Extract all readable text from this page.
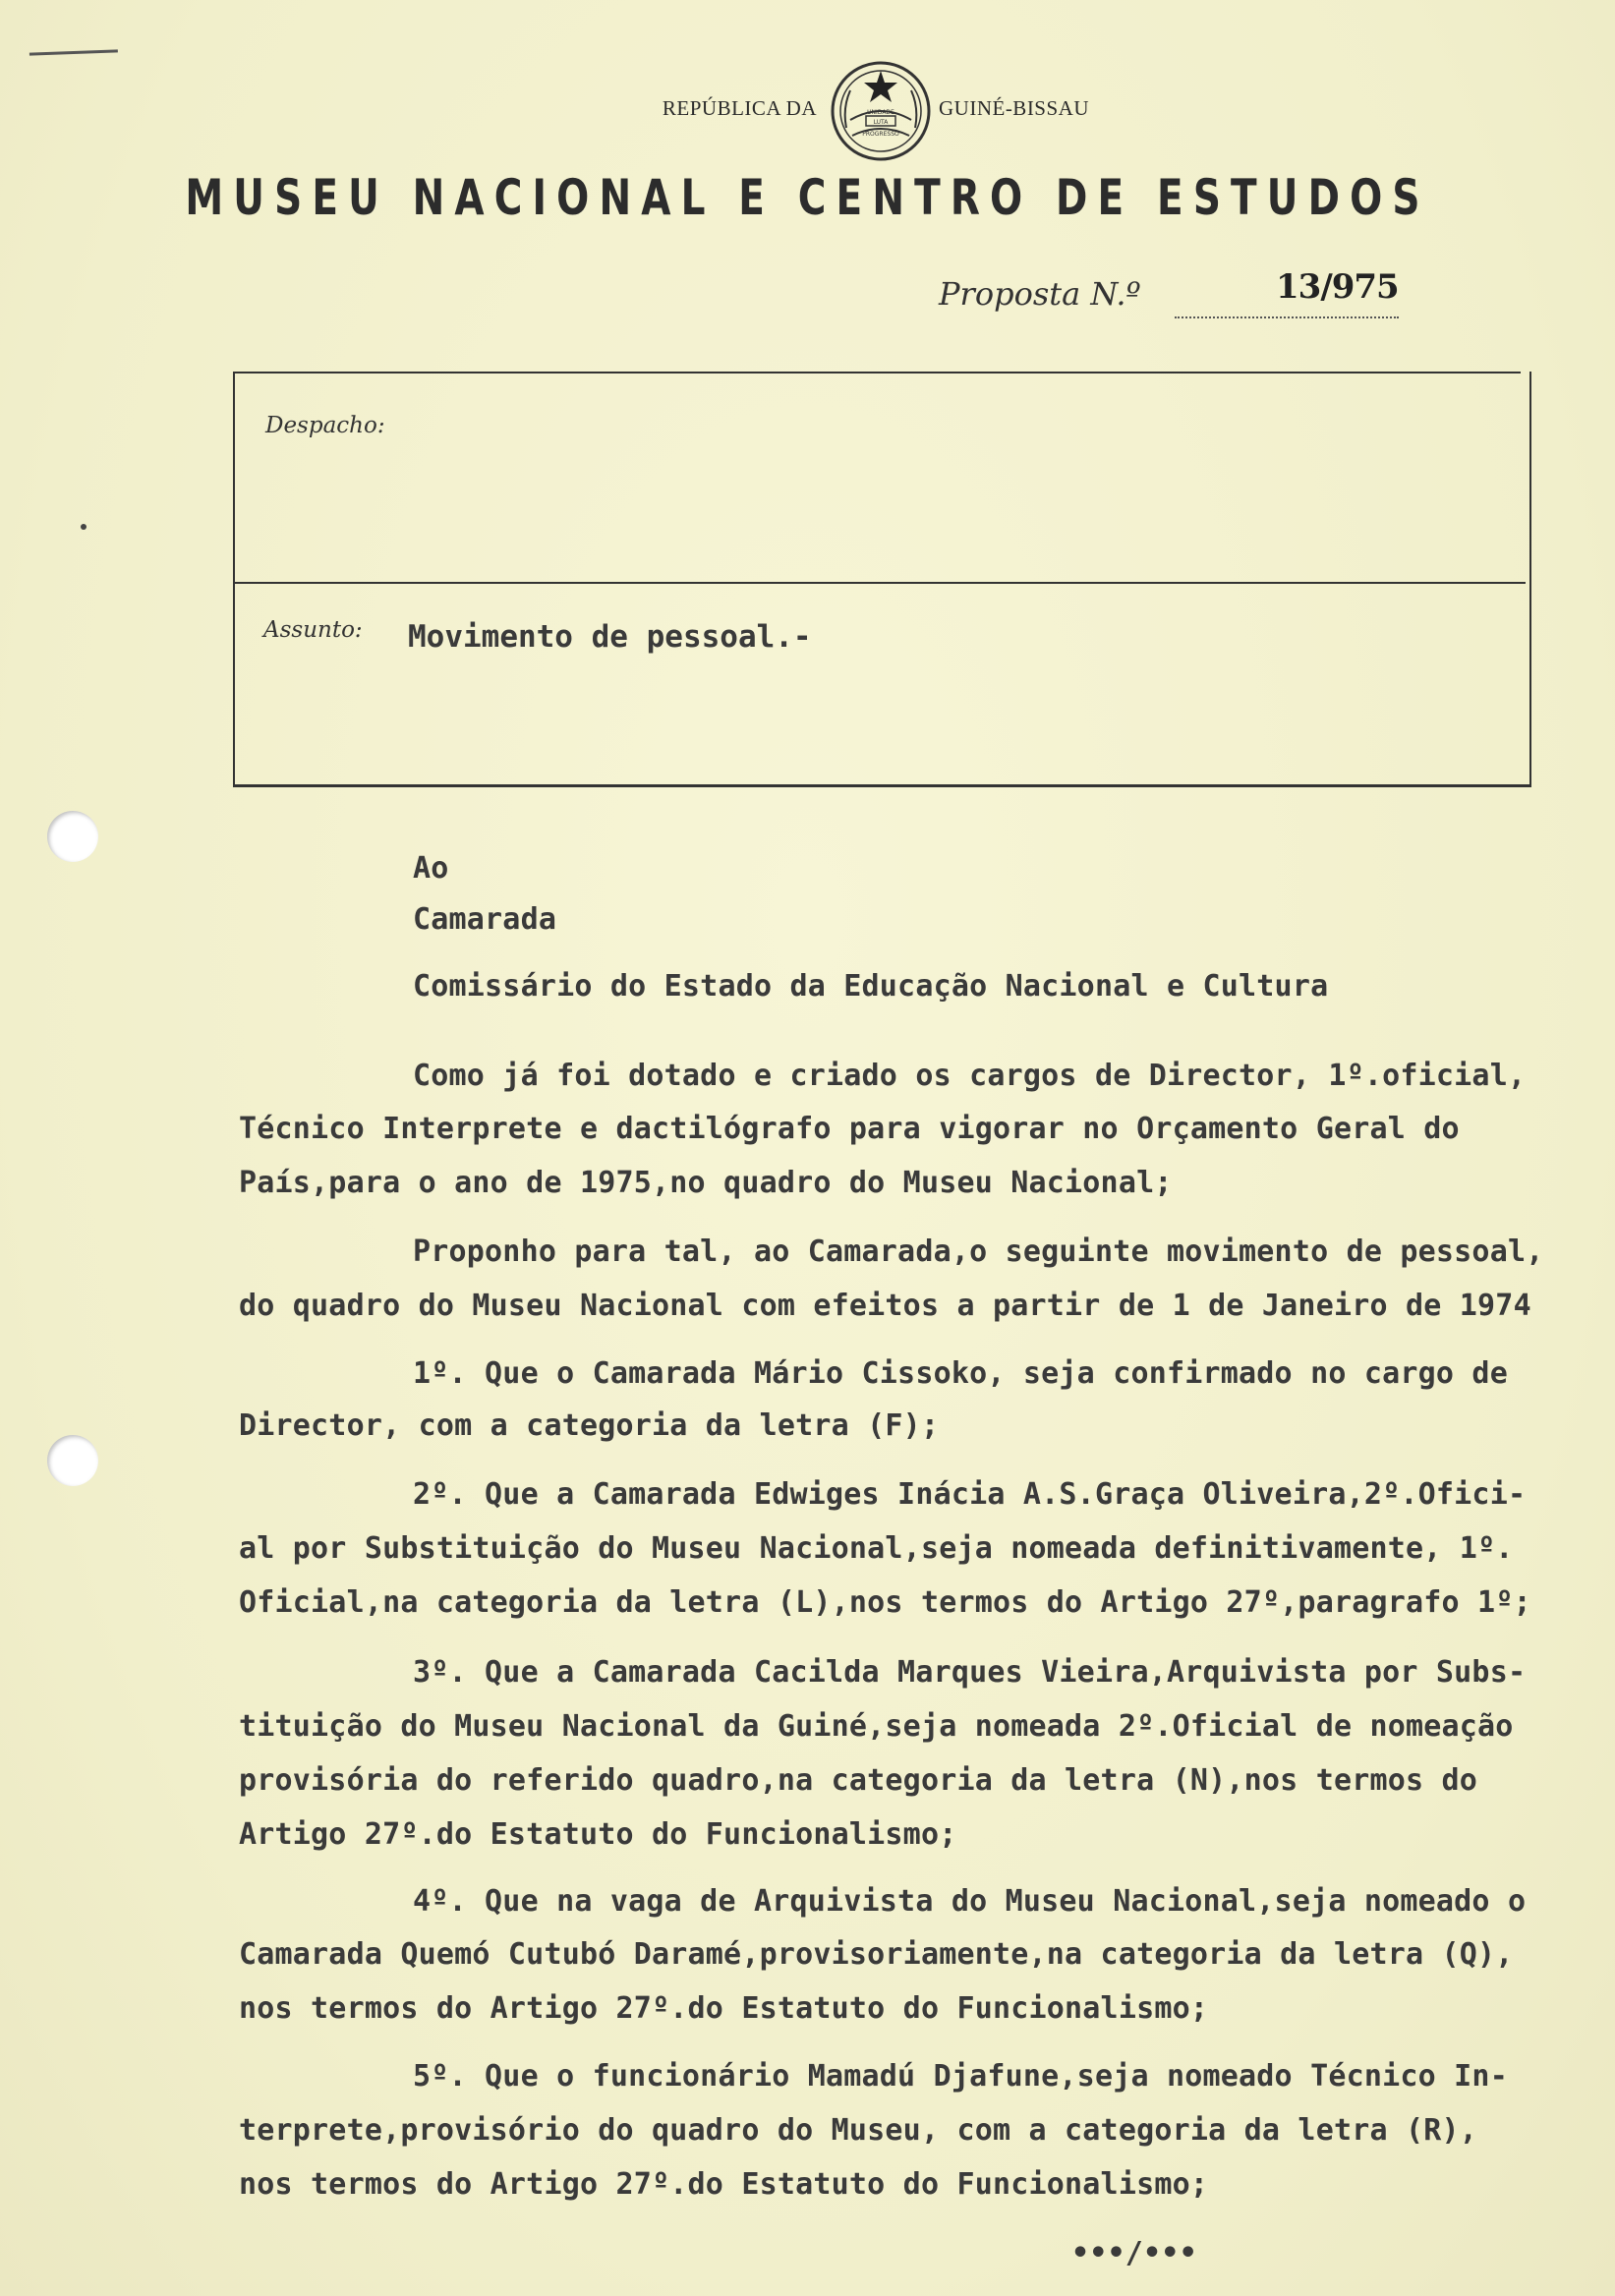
REPÚBLICA DA	GUINÉ-BISSAU
UNIDADE
LUTA
PROGRESSO
MUSEU NACIONAL E CENTRO DE ESTUDOS
Proposta N.º	13/975
Despacho:
Assunto: Movimento de pessoal.-
Ao
Camarada
Comissário do Estado da Educação Nacional e Cultura
Como já foi dotado e criado os cargos de Director, 1º.oficial,
Técnico Interprete e dactilógrafo para vigorar no Orçamento Geral do
País,para o ano de 1975,no quadro do Museu Nacional;
Proponho para tal, ao Camarada,o seguinte movimento de pessoal,
do quadro do Museu Nacional com efeitos a partir de 1 de Janeiro de 1974
1º. Que o Camarada Mário Cissoko, seja confirmado no cargo de
Director, com a categoria da letra (F);
2º. Que a Camarada Edwiges Inácia A.S.Graça Oliveira,2º.Ofici-
al por Substituição do Museu Nacional,seja nomeada definitivamente, 1º.
Oficial,na categoria da letra (L),nos termos do Artigo 27º,paragrafo 1º;
3º. Que a Camarada Cacilda Marques Vieira,Arquivista por Subs-
tituição do Museu Nacional da Guiné,seja nomeada 2º.Oficial de nomeação
provisória do referido quadro,na categoria da letra (N),nos termos do
Artigo 27º.do Estatuto do Funcionalismo;
4º. Que na vaga de Arquivista do Museu Nacional,seja nomeado o
Camarada Quemó Cutubó Daramé,provisoriamente,na categoria da letra (Q),
nos termos do Artigo 27º.do Estatuto do Funcionalismo;
5º. Que o funcionário Mamadú Djafune,seja nomeado Técnico In-
terprete,provisório do quadro do Museu, com a categoria da letra (R),
nos termos do Artigo 27º.do Estatuto do Funcionalismo;
•••/•••
